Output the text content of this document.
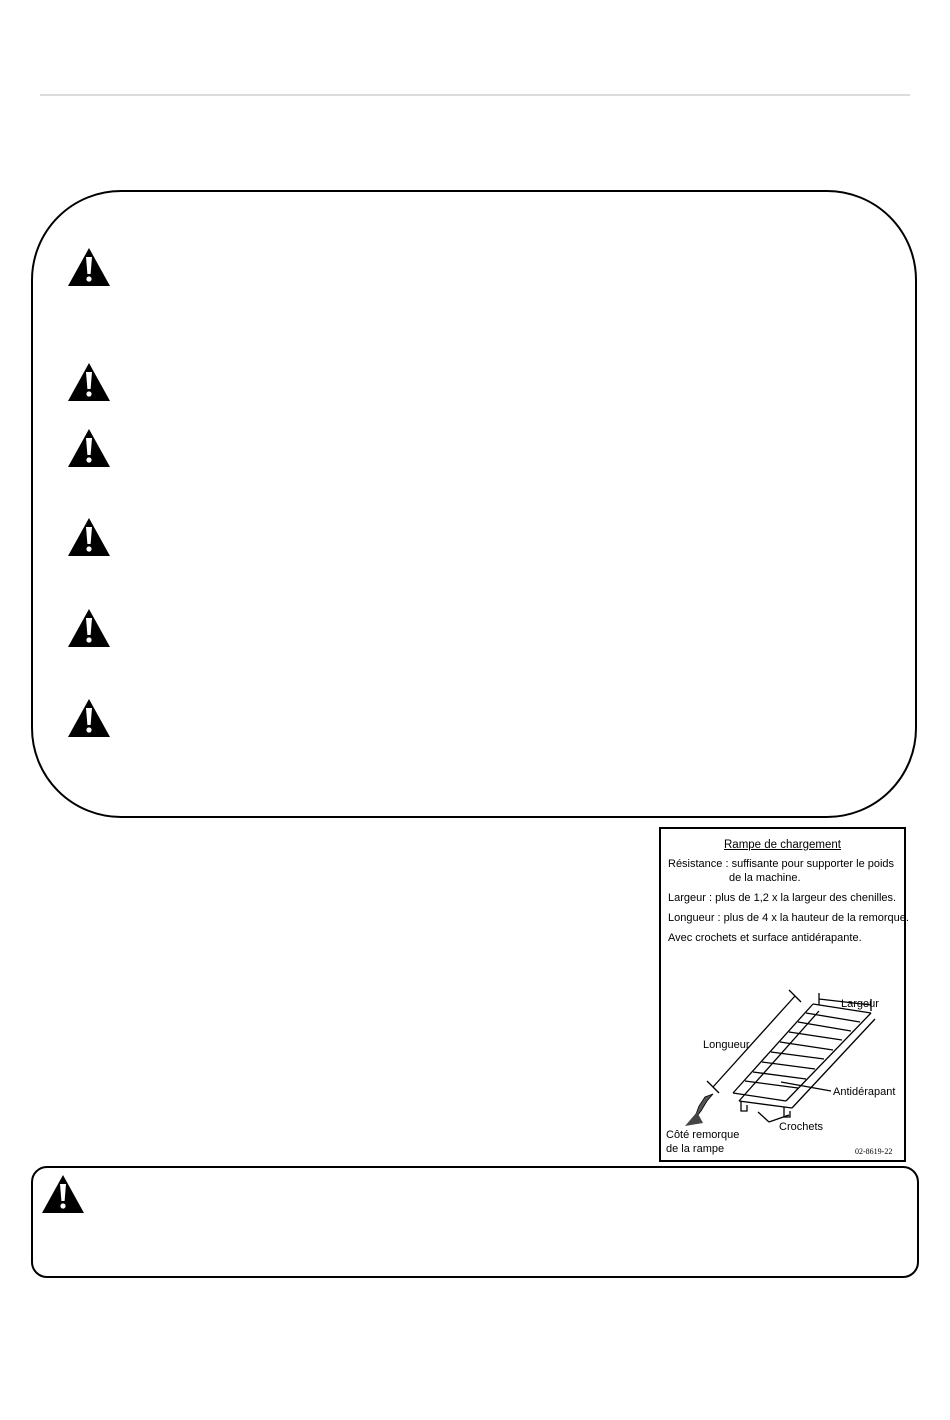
Rampe de chargement
Résistance : suffisante pour supporter le poids
de la machine.
Largeur : plus de 1,2 x la largeur des chenilles.
Longueur : plus de 4 x la hauteur de la remorque.
Avec crochets et surface antidérapante.
Largeur
Longueur
Antidérapant
Crochets
Côté remorque
de la rampe	02-8619-22
